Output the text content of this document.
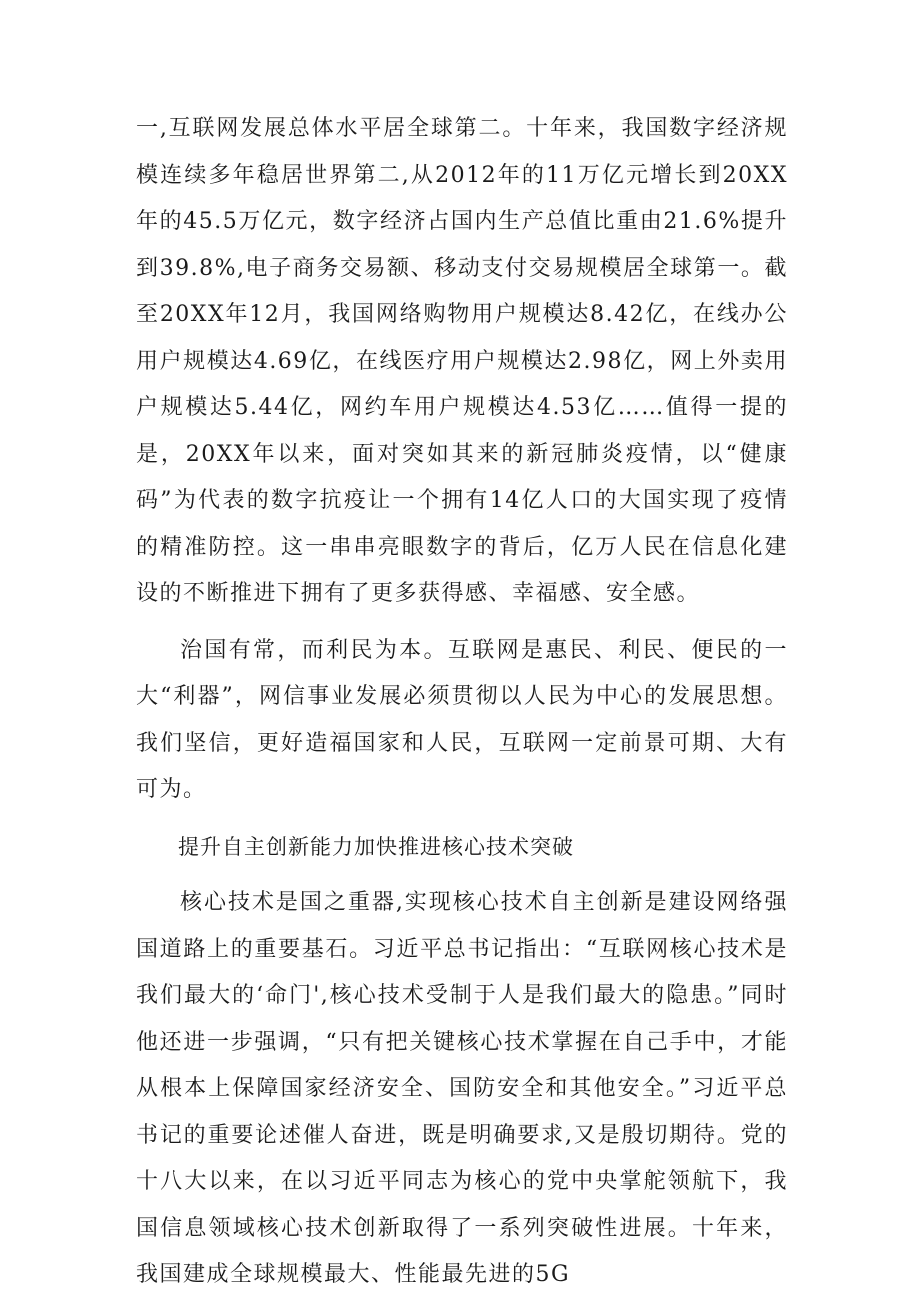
一,互联网发展总体水平居全球第二。十年来，我国数字经济规模连续多年稳居世界第二,从2012年的11万亿元增长到20XX年的45.5万亿元，数字经济占国内生产总值比重由21.6%提升到39.8%,电子商务交易额、移动支付交易规模居全球第一。截至20XX年12月，我国网络购物用户规模达8.42亿，在线办公用户规模达4.69亿，在线医疗用户规模达2.98亿，网上外卖用户规模达5.44亿，网约车用户规模达4.53亿……值得一提的是，20XX年以来，面对突如其来的新冠肺炎疫情，以“健康码”为代表的数字抗疫让一个拥有14亿人口的大国实现了疫情的精准防控。这一串串亮眼数字的背后，亿万人民在信息化建设的不断推进下拥有了更多获得感、幸福感、安全感。

治国有常，而利民为本。互联网是惠民、利民、便民的一大“利器”，网信事业发展必须贯彻以人民为中心的发展思想。我们坚信，更好造福国家和人民，互联网一定前景可期、大有可为。

提升自主创新能力加快推进核心技术突破

核心技术是国之重器,实现核心技术自主创新是建设网络强国道路上的重要基石。习近平总书记指出：“互联网核心技术是我们最大的‘命门',核心技术受制于人是我们最大的隐患。”同时他还进一步强调，“只有把关键核心技术掌握在自己手中，才能从根本上保障国家经济安全、国防安全和其他安全。”习近平总书记的重要论述催人奋进，既是明确要求,又是殷切期待。党的十八大以来，在以习近平同志为核心的党中央掌舵领航下，我国信息领域核心技术创新取得了一系列突破性进展。十年来，我国建成全球规模最大、性能最先进的5G
